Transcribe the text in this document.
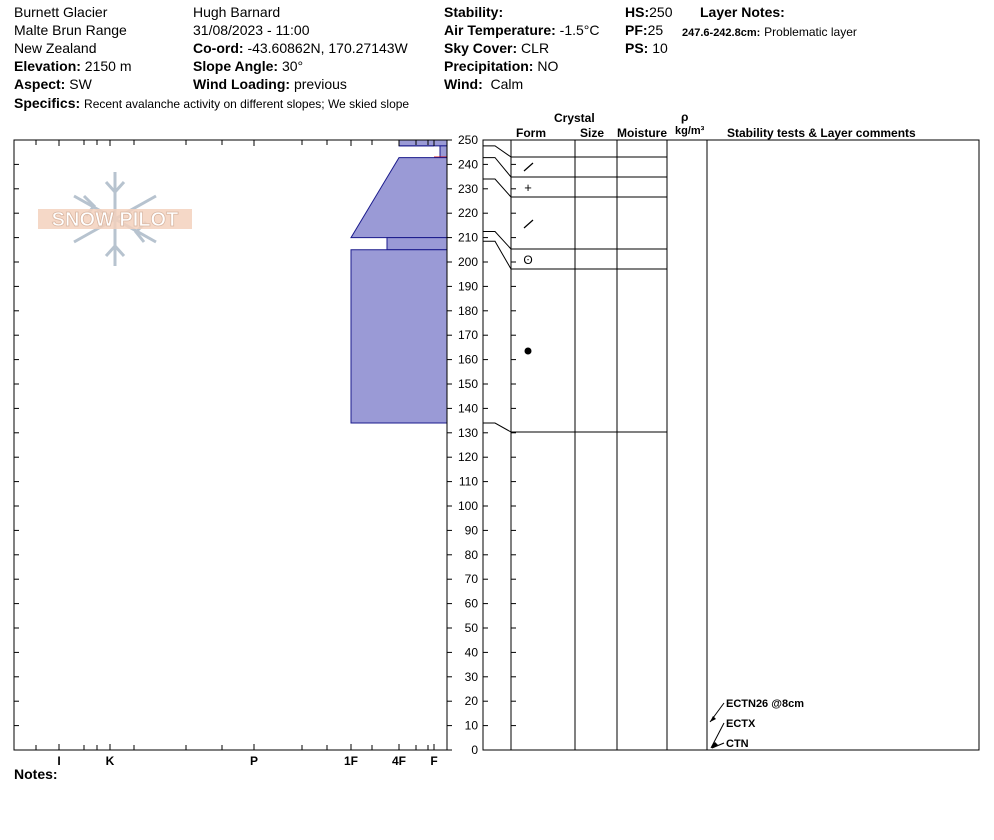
Burnett Glacier
Malte Brun Range
New Zealand
Elevation: 2150 m
Aspect: SW
Specifics: Recent avalanche activity on different slopes; We skied slope
Hugh Barnard
31/08/2023 - 11:00
Co-ord: -43.60862N, 170.27143W
Slope Angle: 30°
Wind Loading: previous
Stability:
Air Temperature: -1.5°C
Sky Cover: CLR
Precipitation: NO
Wind: Calm
HS:250
PF:25
PS: 10
Layer Notes:
247.6-242.8cm: Problematic layer
Crystal
Form	Size Moisture
ρ
kg/m³ Stability tests & Layer comments
Notes:
SNOW PILOT
0
10
20
30
40
50
60
70
80
90
100
110
120
130
140
150
160
170
180
190
200
210
220
230
240
250
I	K	P	1F	4F F
+
ʘ
ECTN26 @8cm
ECTX
CTN
